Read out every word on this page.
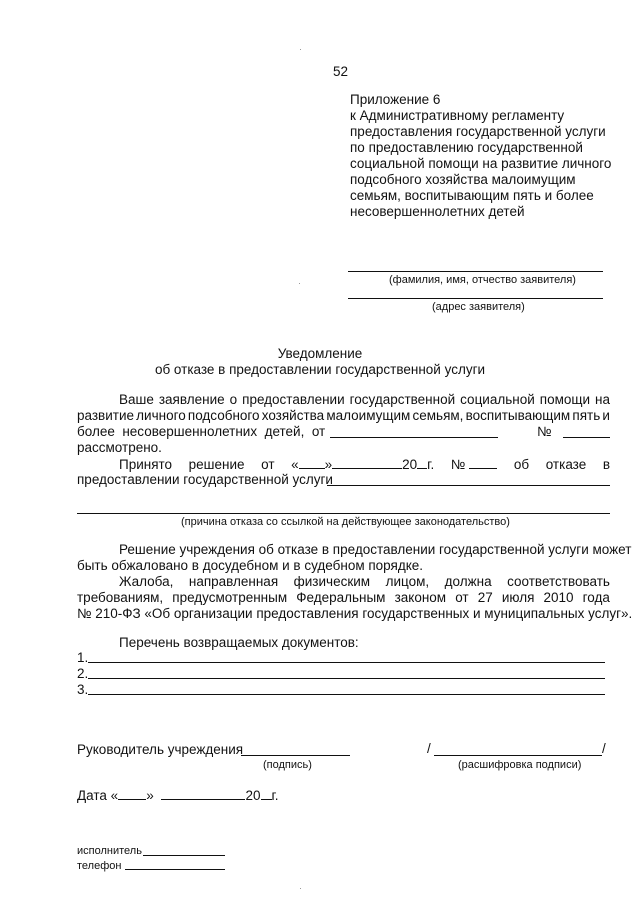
52
Приложение 6
к Административному регламенту
предоставления государственной услуги
по предоставлению государственной
социальной помощи на развитие личного
подсобного хозяйства малоимущим
семьям, воспитывающим пять и более
несовершеннолетних детей
(фамилия, имя, отчество заявителя)
(адрес заявителя)
Уведомление
об отказе в предоставлении государственной услуги
Ваше заявление о предоставлении государственной социальной помощи на
развитие личного подсобного хозяйства малоимущим семьям, воспитывающим пять и
более  несовершеннолетних  детей,  от	№
рассмотрено.
Принято решение от « »	20 г. №	об отказе в
предоставлении государственной услуги
(причина отказа со ссылкой на действующее законодательство)
Решение учреждения об отказе в предоставлении государственной услуги может
быть обжаловано в досудебном и в судебном порядке.
Жалоба, направленная физическим лицом, должна соответствовать
требованиям, предусмотренным Федеральным законом от 27 июля 2010 года
№ 210-ФЗ «Об организации предоставления государственных и муниципальных услуг».
Перечень возвращаемых документов:
1.
2.
3.
Руководитель учреждения
(подпись)
/	/
(расшифровка подписи)
Дата « »	20 г.
исполнитель
телефон
